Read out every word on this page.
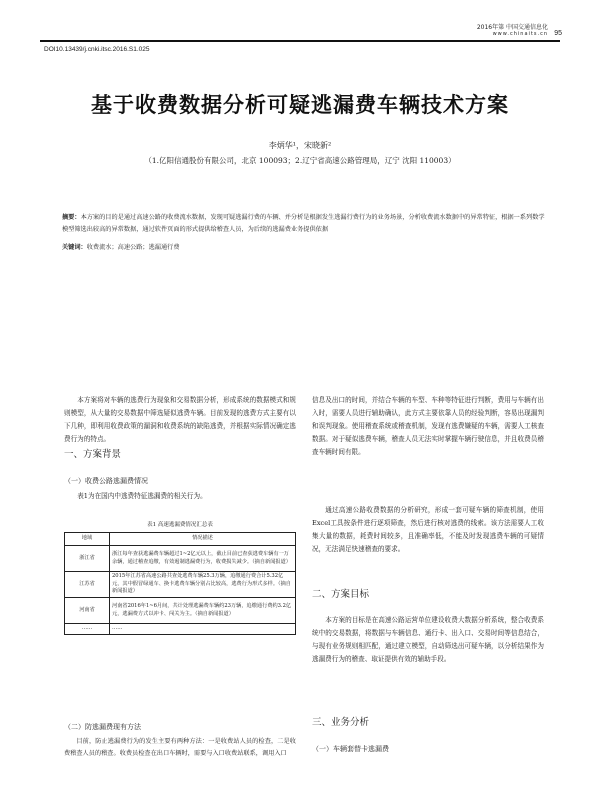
2016年第 中国交通信息化
www.chinaits.cn 95
DOI10.13439/j.cnki.itsc.2016.S1.025
基于收费数据分析可疑逃漏费车辆技术方案
李炳华¹，宋晓新²
（1.亿阳信通股份有限公司，北京 100093；2.辽宁省高速公路管理局，辽宁 沈阳 110003）
摘要：本方案的目的是通过高速公路的收费流水数据，发现可疑逃漏行费的车辆、并分析是根据发生逃漏行费行为的业务场景，分析收费流水数据中的异常特征，根据一系列数学模型筛选出较高的异常数据，通过软件页面的形式提供给稽查人员，为后续的逃漏费业务提供依据
关键词：收费流水；高速公路；逃漏通行费
本方案将对车辆的逃费行为现象和交易数据分析，形成系统的数据模式和规则模型，从大量的交易数据中筛选疑似逃费车辆。目前发现的逃费方式主要有以下几种，即利用收费政策的漏洞和收费系统的缺陷逃费，并根据实际情况确定逃费行为的特点。
一、方案背景
（一）收费公路逃漏费情况
表1为在国内中逃费特征逃漏费的相关行为。
表1 高速逃漏费情况汇总表
地域	情况描述
浙江省	浙江每年查获逃漏费车辆超过1~2亿元以上，截止目前已查获逃费车辆有一万余辆，通过稽查追缴，有效遏制逃漏费行为，收费损失减少。（摘自新闻报道）
江苏省	2015年江苏省高速公路共查处逃费车辆25.3万辆，追缴通行费合计5.32亿元，其中假冒绿通车、换卡逃费车辆分别占比较高，逃费行为形式多样。（摘自新闻报道）
河南省	河南省2016年1~6月间，共计处理逃漏费车辆约23万辆，追缴通行费约3.2亿元，逃漏费方式以冲卡、闯关为主。（摘自新闻报道）
……	……
（二）防逃漏费现有方法
目前，防止逃漏费行为的发生主要有两种方法：一是收费站人员的检查，二是收费稽查人员的稽查。收费员检查在出口车辆时，需要与入口收费站联系，调用入口
信息及出口的时间，并结合车辆的车型、车种等特征进行判断，费用与车辆有出入时，需要人员进行辅助确认，此方式主要依靠人员的经验判断，容易出现漏判和误判现象。使用稽查系统或稽查机制，发现有逃费嫌疑的车辆，需要人工核查数据。对于疑似逃费车辆，稽查人员无法实时掌握车辆行驶信息，并且收费员稽查车辆时间有限。
通过高速公路收费数据的分析研究，形成一套可疑车辆的筛查机制，使用Excel工具按条件进行逐项筛查，然后进行核对逃费的线索。该方法需要人工收集大量的数据，耗费时间较多，且准确率低，不能及时发现逃费车辆的可疑情况，无法满足快速稽查的要求。
二、方案目标
本方案的目标是在高速公路运营单位建设收费大数据分析系统，整合收费系统中的交易数据，将数据与车辆信息、通行卡、出入口、交易时间等信息结合，与现有业务规则相匹配，通过建立模型，自动筛选出可疑车辆，以分析结果作为逃漏费行为的稽查、取证提供有效的辅助手段。
三、业务分析
（一）车辆套替卡逃漏费
